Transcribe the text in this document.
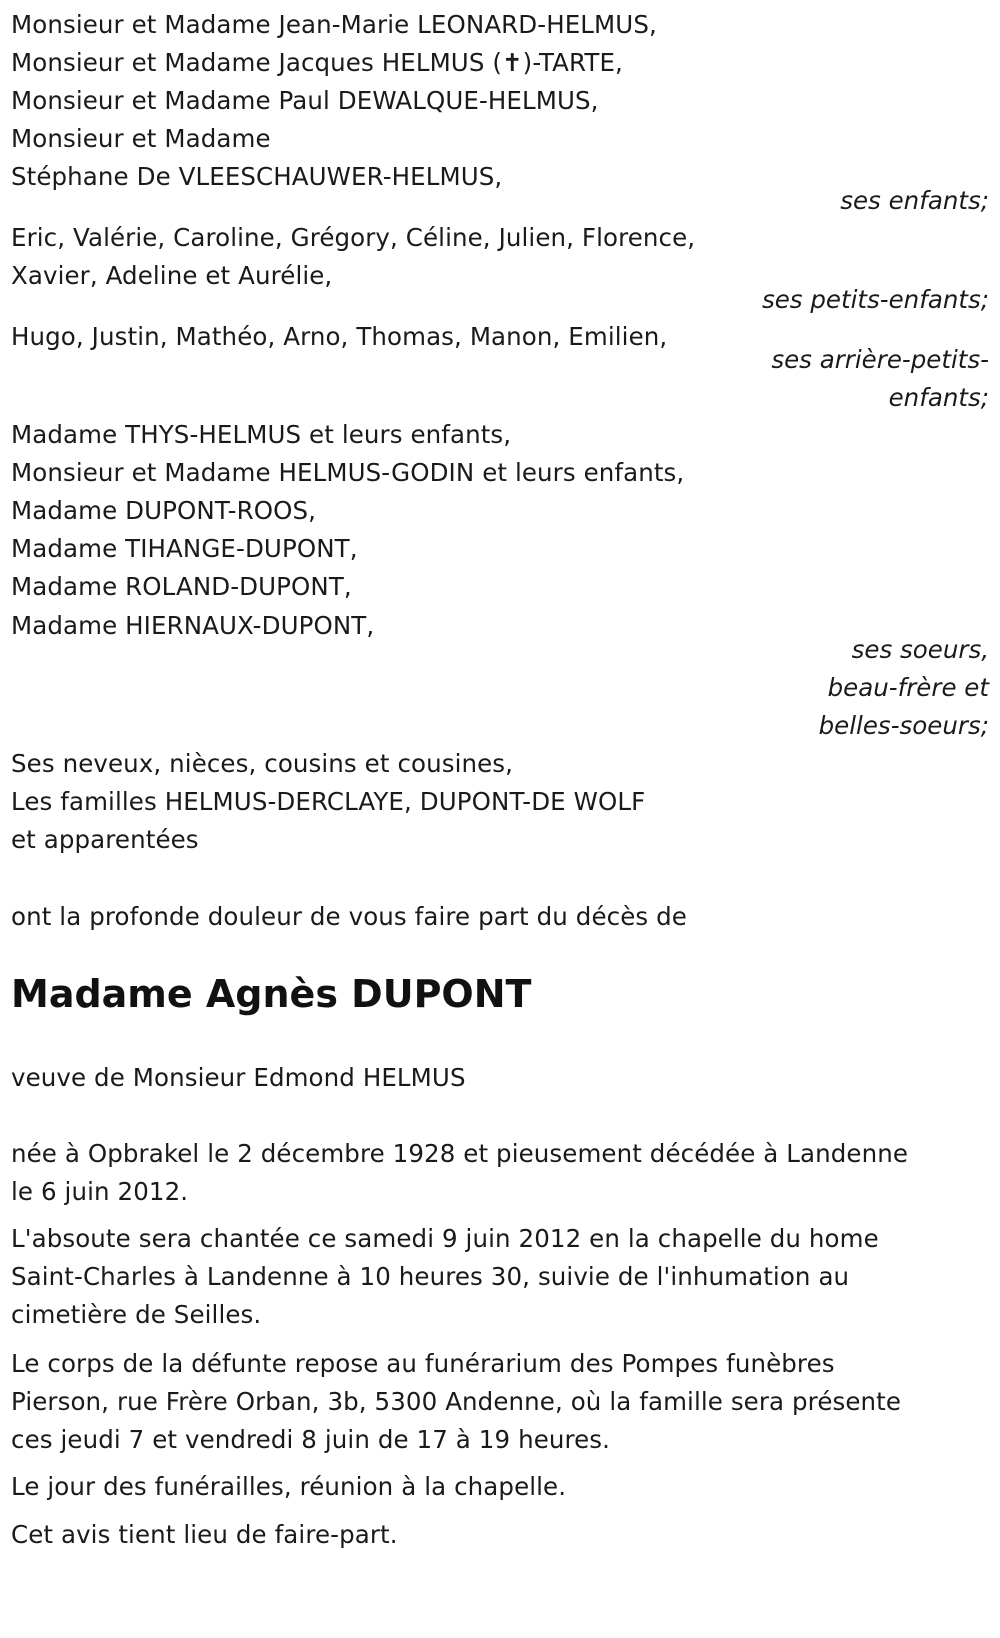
Monsieur et Madame Jean-Marie LEONARD-HELMUS,
Monsieur et Madame Jacques HELMUS (✝)-TARTE,
Monsieur et Madame Paul DEWALQUE-HELMUS,
Monsieur et Madame
Stéphane De VLEESCHAUWER-HELMUS,
ses enfants;
Eric, Valérie, Caroline, Grégory, Céline, Julien, Florence,
Xavier, Adeline et Aurélie,
ses petits-enfants;
Hugo, Justin, Mathéo, Arno, Thomas, Manon, Emilien,
ses arrière-petits-
enfants;
Madame THYS-HELMUS et leurs enfants,
Monsieur et Madame HELMUS-GODIN et leurs enfants,
Madame DUPONT-ROOS,
Madame TIHANGE-DUPONT,
Madame ROLAND-DUPONT,
Madame HIERNAUX-DUPONT,
ses soeurs,
beau-frère et
belles-soeurs;
Ses neveux, nièces, cousins et cousines,
Les familles HELMUS-DERCLAYE, DUPONT-DE WOLF
et apparentées
ont la profonde douleur de vous faire part du décès de
Madame Agnès DUPONT
veuve de Monsieur Edmond HELMUS
née à Opbrakel le 2 décembre 1928 et pieusement décédée à Landenne
le 6 juin 2012.
L'absoute sera chantée ce samedi 9 juin 2012 en la chapelle du home
Saint-Charles à Landenne à 10 heures 30, suivie de l'inhumation au
cimetière de Seilles.
Le corps de la défunte repose au funérarium des Pompes funèbres
Pierson, rue Frère Orban, 3b, 5300 Andenne, où la famille sera présente
ces jeudi 7 et vendredi 8 juin de 17 à 19 heures.
Le jour des funérailles, réunion à la chapelle.
Cet avis tient lieu de faire-part.
